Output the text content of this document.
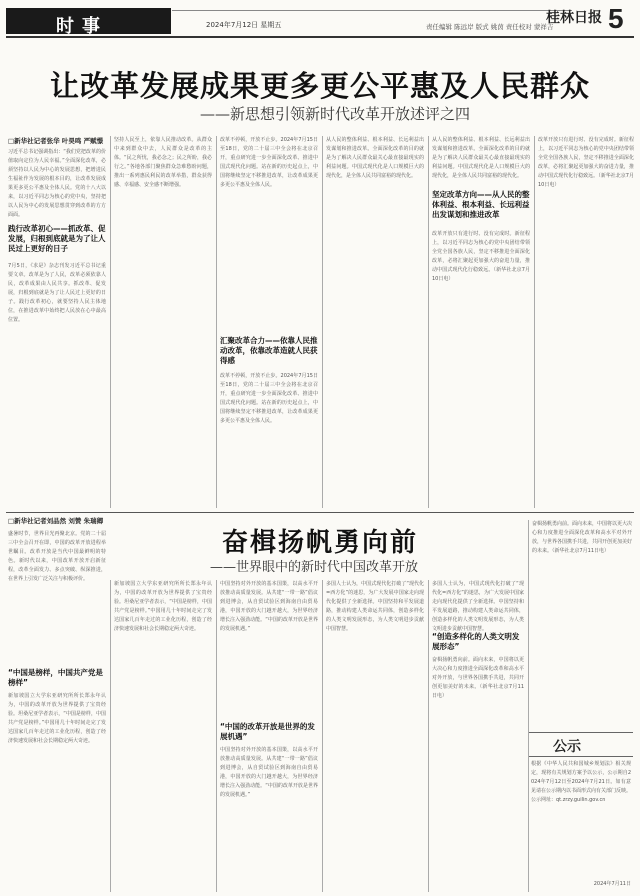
时事	2024年7月12日 星期五	责任编辑 陈远岸 版式 姚茵 责任校对 蒙祥吉
桂林日报 5
让改革发展成果更多更公平惠及人民群众
——新思想引领新时代改革开放述评之四
□新华社记者张华 叶昊鸣 严赋憬
习近平总书记强调指出：“我们党把改革的价值取向定位为人民幸福。”全面深化改革，必须坚持以人民为中心的发展思想，把增进民生福祉作为发展的根本目的，让改革发展成果更多更公平惠及全体人民。党的十八大以来，以习近平同志为核心的党中央，坚持把以人民为中心的发展思想贯穿到改革的方方面面。
践行改革初心——抓改革、促发展，归根到底就是为了让人民过上更好的日子
7月5日，《求是》杂志刊发习近平总书记重要文章。改革是为了人民，改革必须依靠人民，改革成果由人民共享。抓改革、促发展，归根到底就是为了让人民过上更好的日子。践行改革初心，就要坚持人民主体地位，在推进改革中始终把人民放在心中最高位置。
坚持人民至上，依靠人民推动改革。从群众中来到群众中去，人民群众是改革的主体。“民之所忧，我必念之；民之所盼，我必行之。”各地各部门聚焦群众急难愁盼问题，推出一系列惠民利民的改革举措，群众获得感、幸福感、安全感不断增强。
汇聚改革合力——依靠人民推动改革，依靠改革造就人民获得感
改革不停顿，开放不止步。2024年7月15日至18日，党的二十届三中全会将在北京召开，重点研究进一步全面深化改革、推进中国式现代化问题。站在新的历史起点上，中国将继续坚定不移推进改革，让改革成果更多更公平惠及全体人民。
改革不停顿，开放不止步。2024年7月15日至18日，党的二十届三中全会将在北京召开，重点研究进一步全面深化改革、推进中国式现代化问题。站在新的历史起点上，中国将继续坚定不移推进改革，让改革成果更多更公平惠及全体人民。
从人民的整体利益、根本利益、长远利益出发谋划和推进改革。全面深化改革的目的就是为了解决人民群众最关心最直接最现实的利益问题。中国式现代化是人口规模巨大的现代化，是全体人民共同富裕的现代化。
坚定改革方向——从人民的整体利益、根本利益、长远利益出发谋划和推进改革
从人民的整体利益、根本利益、长远利益出发谋划和推进改革。全面深化改革的目的就是为了解决人民群众最关心最直接最现实的利益问题。中国式现代化是人口规模巨大的现代化，是全体人民共同富裕的现代化。
改革开放只有进行时、没有完成时。新征程上，以习近平同志为核心的党中央团结带领全党全国各族人民，坚定不移推进全面深化改革，必将汇聚起更加强大的奋进力量，推动中国式现代化行稳致远。（新华社北京7月10日电）
改革开放只有进行时、没有完成时。新征程上，以习近平同志为核心的党中央团结带领全党全国各族人民，坚定不移推进全面深化改革，必将汇聚起更加强大的奋进力量，推动中国式现代化行稳致远。（新华社北京7月10日电）
□新华社记者刘品然 刘赞 朱瑞卿
奋楫扬帆勇向前
——世界眼中的新时代中国改革开放
盛暑时节，世界目光再聚北京。党的二十届三中全会召开在即，中国的改革开放进程举世瞩目。改革开放是当代中国最鲜明的特色。新时代以来，中国改革开放开启新征程，改革全面发力、多点突破、纵深推进，在世界上引发广泛关注与积极评价。
“中国是榜样，中国共产党是榜样”
新加坡国立大学东亚研究所所长郑永年认为，中国的改革开放为世界提供了宝贵经验。坦桑尼亚学者表示，“中国是榜样，中国共产党是榜样。”中国用几十年时间走完了发达国家几百年走过的工业化历程，创造了经济快速发展和社会长期稳定两大奇迹。
新加坡国立大学东亚研究所所长郑永年认为，中国的改革开放为世界提供了宝贵经验。坦桑尼亚学者表示，“中国是榜样，中国共产党是榜样。”中国用几十年时间走完了发达国家几百年走过的工业化历程，创造了经济快速发展和社会长期稳定两大奇迹。
“中国的改革开放是世界的发展机遇”
中国坚持对外开放的基本国策，以高水平开放推动高质量发展。从共建“一带一路”倡议到进博会，从自贸试验区到海南自由贸易港，中国开放的大门越开越大，为世界经济增长注入强劲动能。“中国的改革开放是世界的发展机遇。”
中国坚持对外开放的基本国策，以高水平开放推动高质量发展。从共建“一带一路”倡议到进博会，从自贸试验区到海南自由贸易港，中国开放的大门越开越大，为世界经济增长注入强劲动能。“中国的改革开放是世界的发展机遇。”
多国人士认为，中国式现代化打破了“现代化=西方化”的迷思，为广大发展中国家走向现代化提供了全新选择。中国坚持和平发展道路，推动构建人类命运共同体，创造多样化的人类文明发展形态，为人类文明进步贡献中国智慧。
“创造多样化的人类文明发展形态”
多国人士认为，中国式现代化打破了“现代化=西方化”的迷思，为广大发展中国家走向现代化提供了全新选择。中国坚持和平发展道路，推动构建人类命运共同体，创造多样化的人类文明发展形态，为人类文明进步贡献中国智慧。
奋楫扬帆勇向前。面向未来，中国将以更大决心和力度推进全面深化改革和高水平对外开放，与世界各国携手共进，共同开创更加美好的未来。（新华社北京7月11日电）
奋楫扬帆勇向前。面向未来，中国将以更大决心和力度推进全面深化改革和高水平对外开放，与世界各国携手共进，共同开创更加美好的未来。（新华社北京7月11日电）
公示
根据《中华人民共和国城乡规划法》相关规定，现将有关规划方案予以公示，公示期自2024年7月12日至2024年7月21日。如有意见请在公示期内以书面形式向有关部门反映。公示网址：qt.zrzy.guilin.gov.cn
2024年7月11日
